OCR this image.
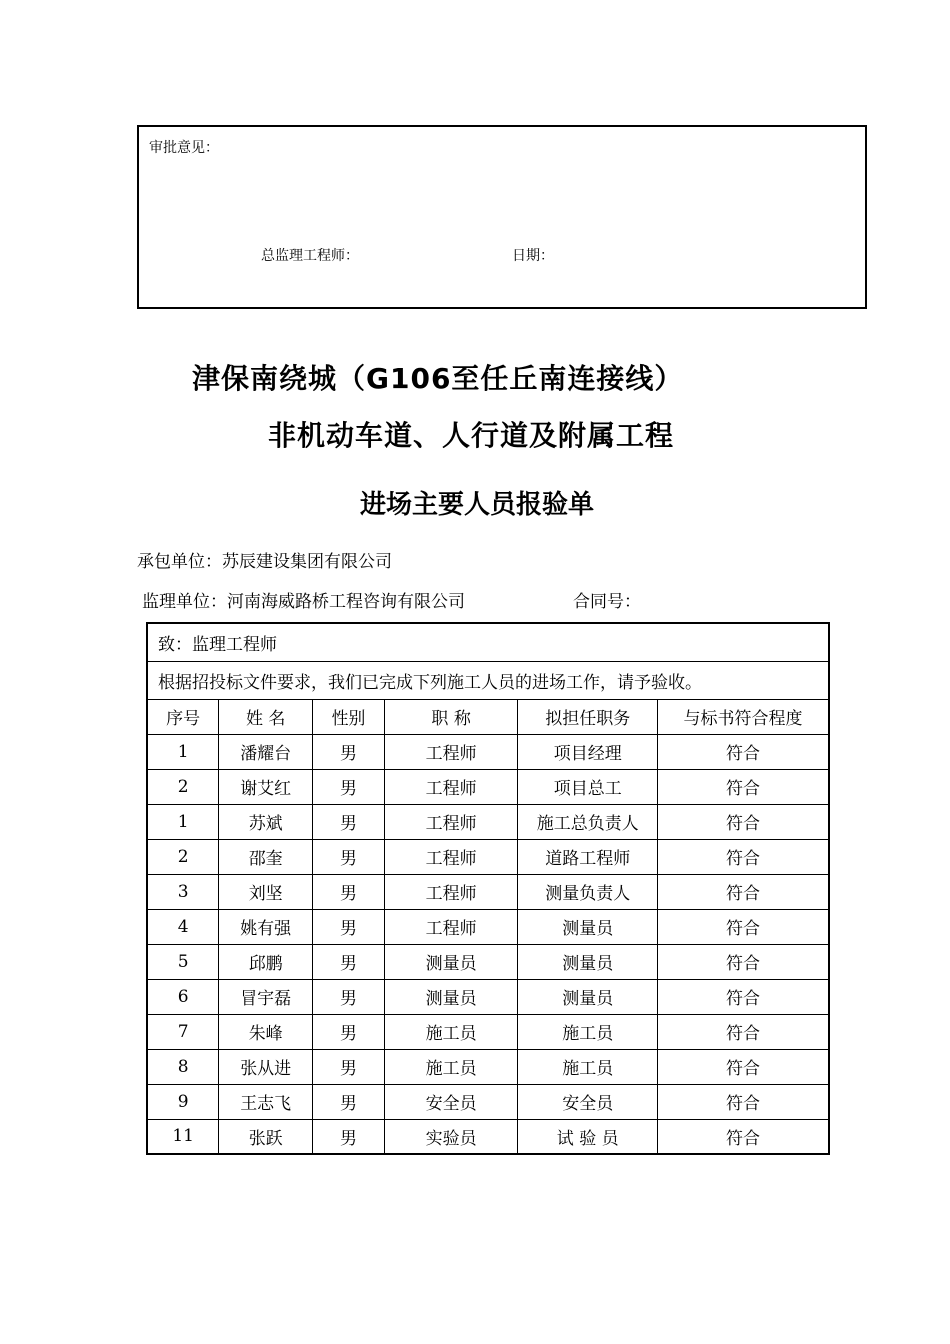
审批意见：
总监理工程师：	日期：
津保南绕城（G106至任丘南连接线）
非机动车道、人行道及附属工程
进场主要人员报验单
承包单位：苏辰建设集团有限公司
监理单位：河南海威路桥工程咨询有限公司	合同号：
致：监理工程师					
根据招投标文件要求，我们已完成下列施工人员的进场工作，请予验收。					
序号	姓 名	性别	职 称	拟担任职务	与标书符合程度
1	潘耀台	男	工程师	项目经理	符合
2	谢艾红	男	工程师	项目总工	符合
1	苏斌	男	工程师	施工总负责人	符合
2	邵奎	男	工程师	道路工程师	符合
3	刘坚	男	工程师	测量负责人	符合
4	姚有强	男	工程师	测量员	符合
5	邱鹏	男	测量员	测量员	符合
6	冒宇磊	男	测量员	测量员	符合
7	朱峰	男	施工员	施工员	符合
8	张从进	男	施工员	施工员	符合
9	王志飞	男	安全员	安全员	符合
11	张跃	男	实验员	试 验 员	符合
